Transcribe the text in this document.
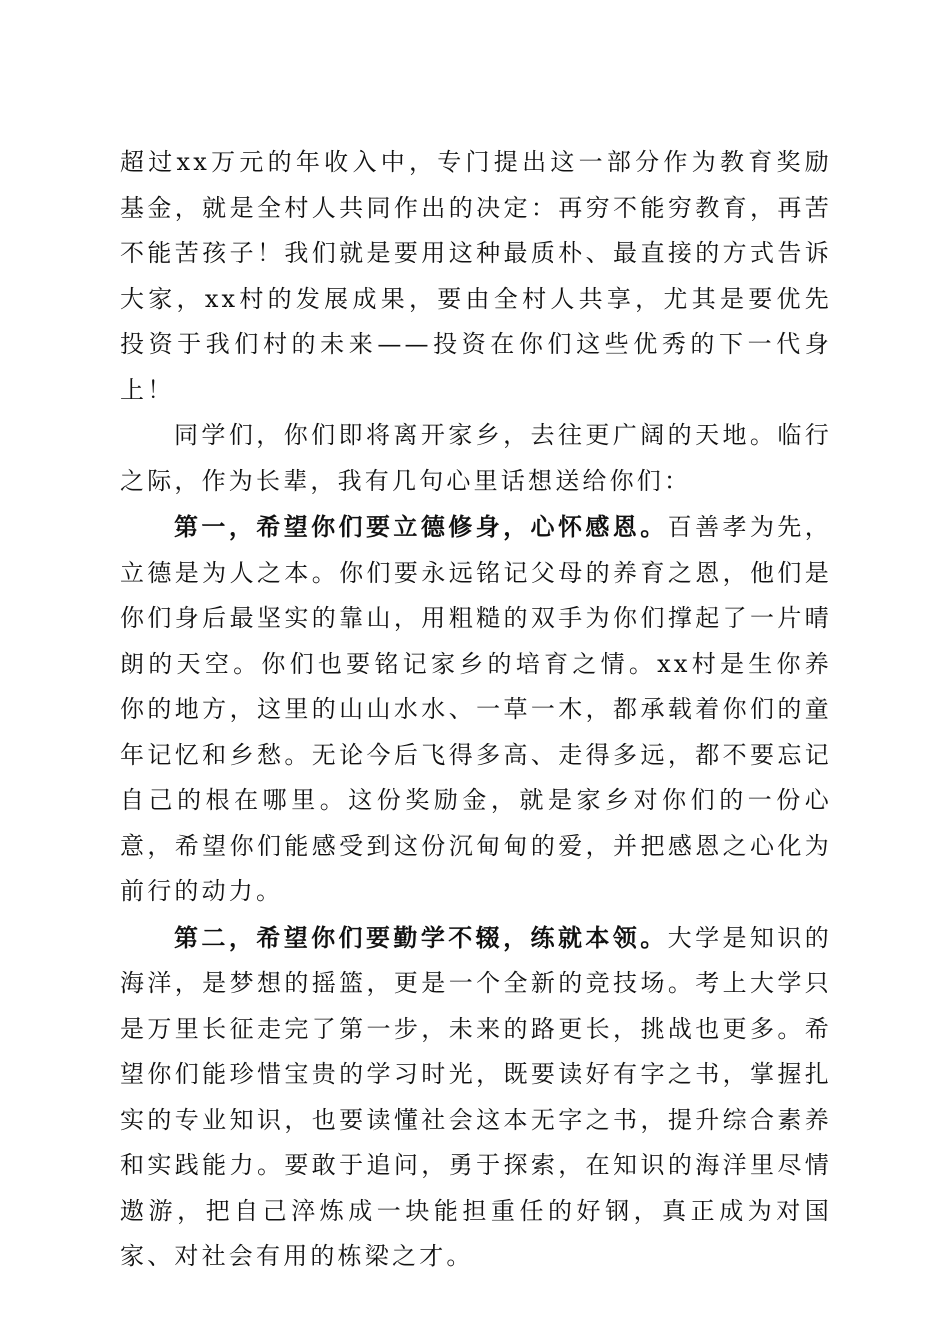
超过xx万元的年收入中，专门提出这一部分作为教育奖励基金，就是全村人共同作出的决定：再穷不能穷教育，再苦不能苦孩子！我们就是要用这种最质朴、最直接的方式告诉大家，xx村的发展成果，要由全村人共享，尤其是要优先投资于我们村的未来——投资在你们这些优秀的下一代身上！

同学们，你们即将离开家乡，去往更广阔的天地。临行之际，作为长辈，我有几句心里话想送给你们：

第一，希望你们要立德修身，心怀感恩。百善孝为先，立德是为人之本。你们要永远铭记父母的养育之恩，他们是你们身后最坚实的靠山，用粗糙的双手为你们撑起了一片晴朗的天空。你们也要铭记家乡的培育之情。xx村是生你养你的地方，这里的山山水水、一草一木，都承载着你们的童年记忆和乡愁。无论今后飞得多高、走得多远，都不要忘记自己的根在哪里。这份奖励金，就是家乡对你们的一份心意，希望你们能感受到这份沉甸甸的爱，并把感恩之心化为前行的动力。

第二，希望你们要勤学不辍，练就本领。大学是知识的海洋，是梦想的摇篮，更是一个全新的竞技场。考上大学只是万里长征走完了第一步，未来的路更长，挑战也更多。希望你们能珍惜宝贵的学习时光，既要读好有字之书，掌握扎实的专业知识，也要读懂社会这本无字之书，提升综合素养和实践能力。要敢于追问，勇于探索，在知识的海洋里尽情遨游，把自己淬炼成一块能担重任的好钢，真正成为对国家、对社会有用的栋梁之才。
